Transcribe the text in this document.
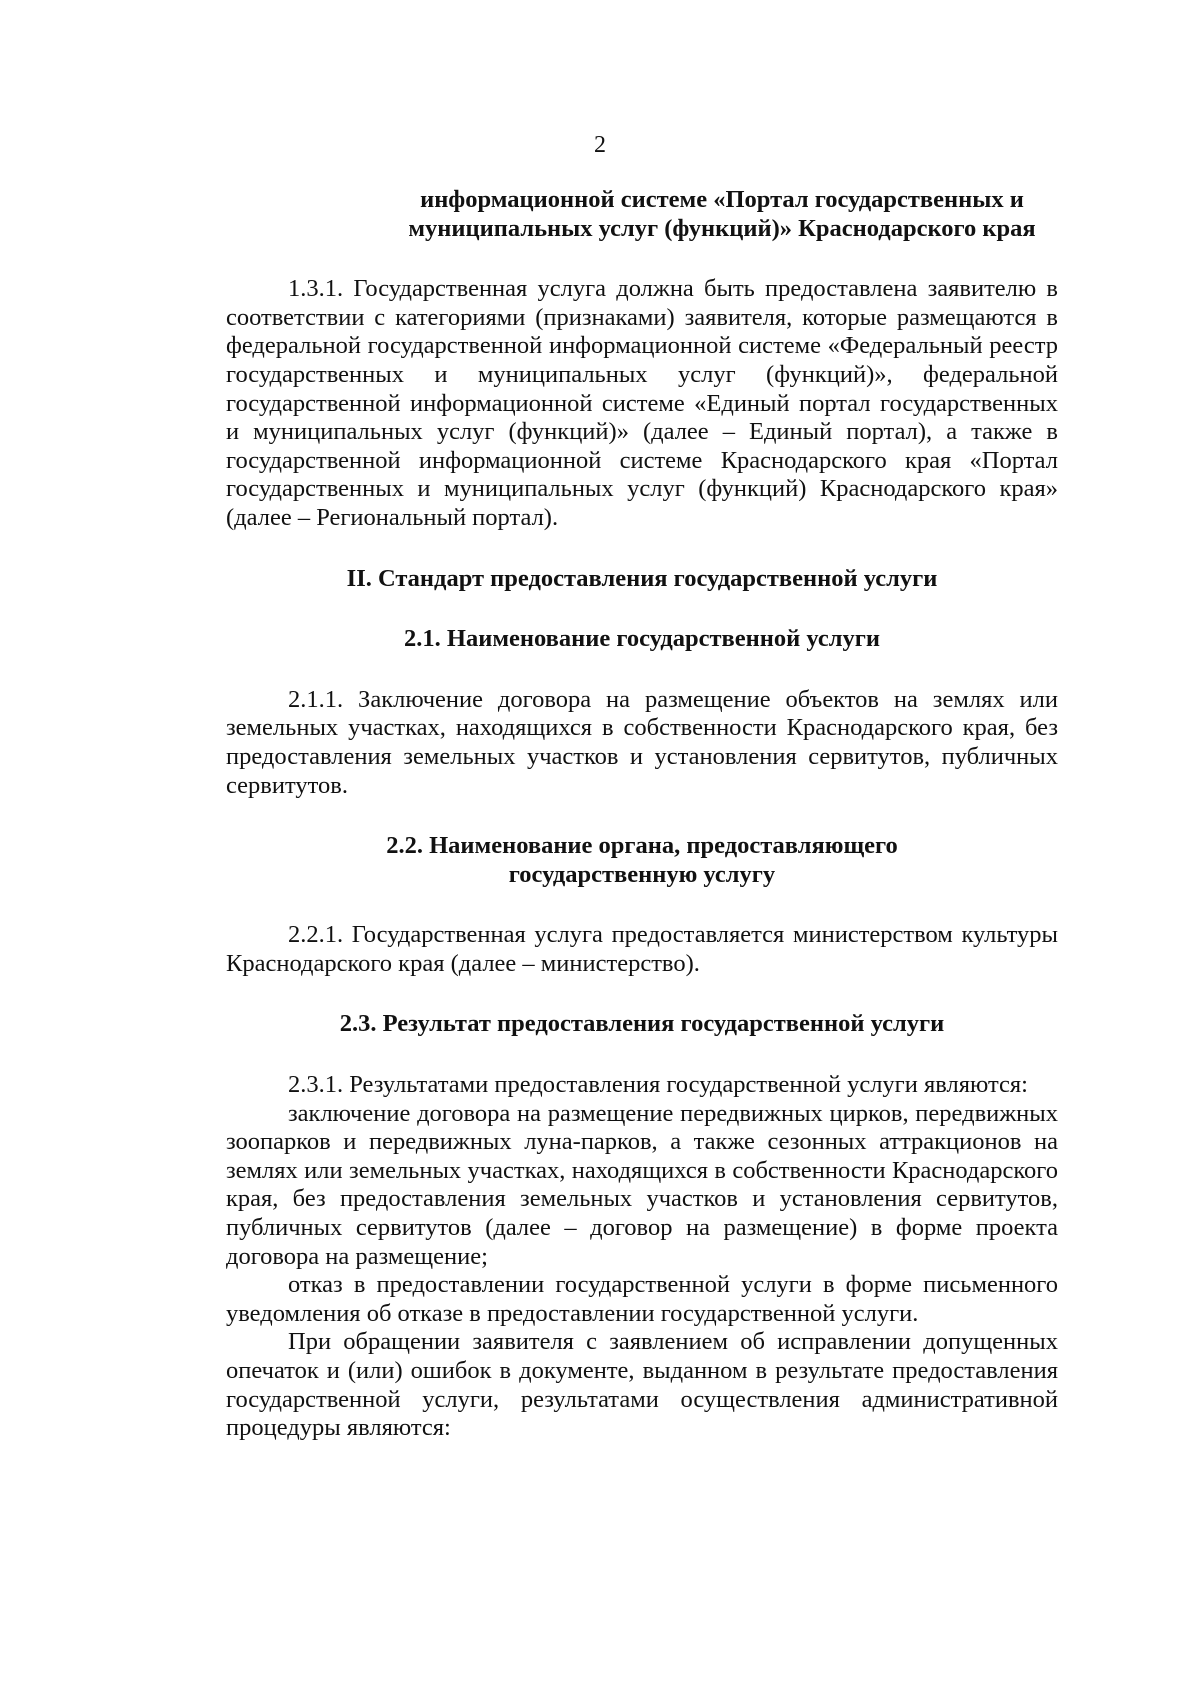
2
информационной системе «Портал государственных и
муниципальных услуг (функций)» Краснодарского края

1.3.1. Государственная услуга должна быть предоставлена заявителю в соответствии с категориями (признаками) заявителя, которые размещаются в федеральной государственной информационной системе «Федеральный реестр государственных и муниципальных услуг (функций)», федеральной государственной информационной системе «Единый портал государственных и муниципальных услуг (функций)» (далее – Единый портал), а также в государственной информационной системе Краснодарского края «Портал государственных и муниципальных услуг (функций) Краснодарского края» (далее – Региональный портал).

II. Стандарт предоставления государственной услуги
2.1. Наименование государственной услуги

2.1.1. Заключение договора на размещение объектов на землях или земельных участках, находящихся в собственности Краснодарского края, без предоставления земельных участков и установления сервитутов, публичных сервитутов.

2.2. Наименование органа, предоставляющего
государственную услугу

2.2.1. Государственная услуга предоставляется министерством культуры Краснодарского края (далее – министерство).

2.3. Результат предоставления государственной услуги

2.3.1. Результатами предоставления государственной услуги являются:

заключение договора на размещение передвижных цирков, передвижных зоопарков и передвижных луна-парков, а также сезонных аттракционов на землях или земельных участках, находящихся в собственности Краснодарского края, без предоставления земельных участков и установления сервитутов, публичных сервитутов (далее – договор на размещение) в форме проекта договора на размещение;

отказ в предоставлении государственной услуги в форме письменного уведомления об отказе в предоставлении государственной услуги.

При обращении заявителя с заявлением об исправлении допущенных опечаток и (или) ошибок в документе, выданном в результате предоставления государственной услуги, результатами осуществления административной процедуры являются:
